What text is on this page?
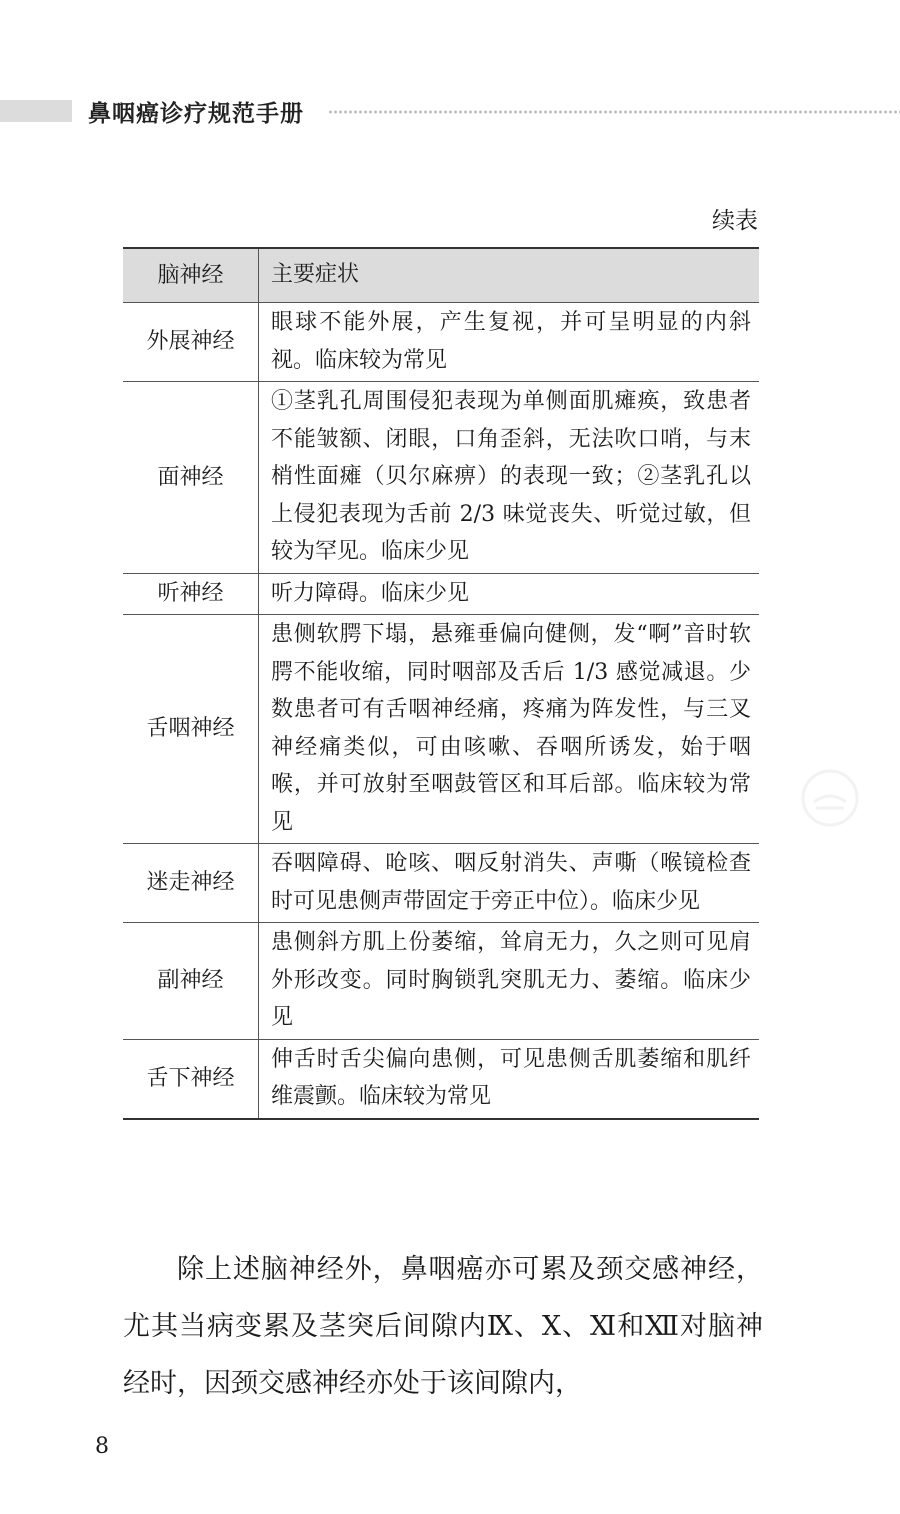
鼻咽癌诊疗规范手册
续表
脑神经	主要症状
外展神经	眼球不能外展，产生复视，并可呈明显的内斜视。临床较为常见
面神经	①茎乳孔周围侵犯表现为单侧面肌瘫痪，致患者不能皱额、闭眼，口角歪斜，无法吹口哨，与末梢性面瘫（贝尔麻痹）的表现一致；②茎乳孔以上侵犯表现为舌前 2/3 味觉丧失、听觉过敏，但较为罕见。临床少见
听神经	听力障碍。临床少见
舌咽神经	患侧软腭下塌，悬雍垂偏向健侧，发“啊”音时软腭不能收缩，同时咽部及舌后 1/3 感觉减退。少数患者可有舌咽神经痛，疼痛为阵发性，与三叉神经痛类似，可由咳嗽、吞咽所诱发，始于咽喉，并可放射至咽鼓管区和耳后部。临床较为常见
迷走神经	吞咽障碍、呛咳、咽反射消失、声嘶（喉镜检查时可见患侧声带固定于旁正中位）。临床少见
副神经	患侧斜方肌上份萎缩，耸肩无力，久之则可见肩外形改变。同时胸锁乳突肌无力、萎缩。临床少见
舌下神经	伸舌时舌尖偏向患侧，可见患侧舌肌萎缩和肌纤维震颤。临床较为常见
除上述脑神经外，鼻咽癌亦可累及颈交感神经，尤其当病变累及茎突后间隙内Ⅸ、Ⅹ、Ⅺ和Ⅻ对脑神经时，因颈交感神经亦处于该间隙内，
8
